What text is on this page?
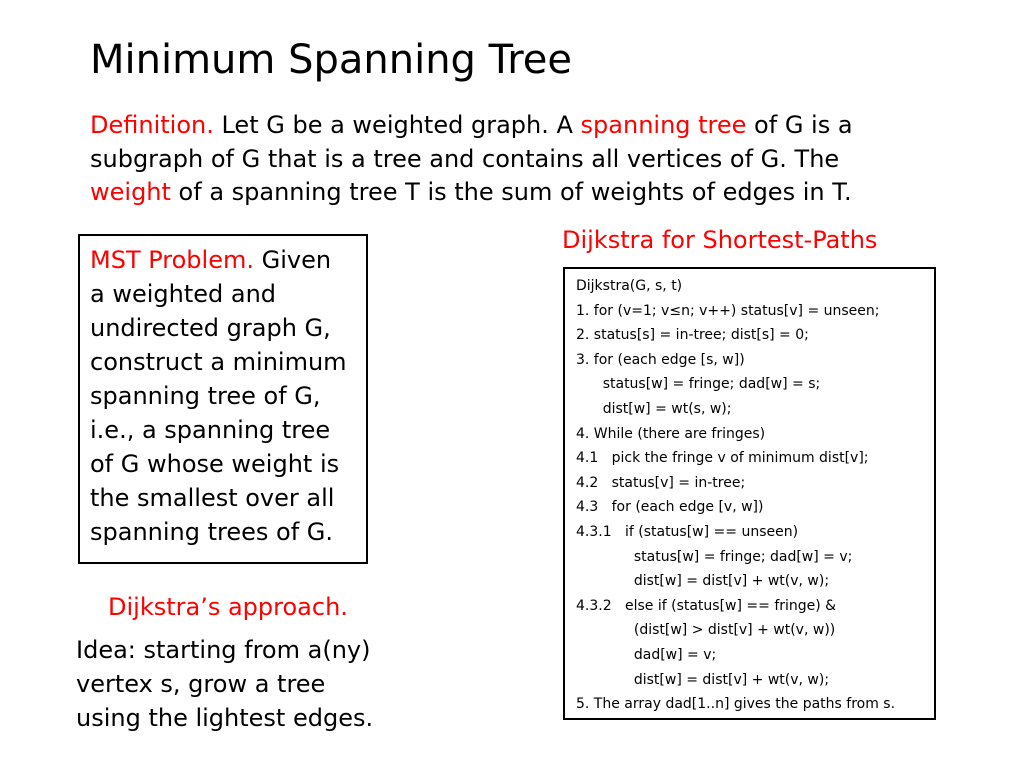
Minimum Spanning Tree
Definition. Let G be a weighted graph. A spanning tree of G is a
subgraph of G that is a tree and contains all vertices of G. The
weight of a spanning tree T is the sum of weights of edges in T.
Dijkstra for Shortest-Paths
MST Problem. Given
a weighted and
undirected graph G,
construct a minimum
spanning tree of G,
i.e., a spanning tree
of G whose weight is
the smallest over all
spanning trees of G.
Dijkstra’s approach.
Idea: starting from a(ny)
vertex s, grow a tree
using the lightest edges.
Dijkstra(G, s, t)
1. for (v=1; v≤n; v++) status[v] = unseen;
2. status[s] = in-tree; dist[s] = 0;
3. for (each edge [s, w])
status[w] = fringe; dad[w] = s;
dist[w] = wt(s, w);
4. While (there are fringes)
4.1   pick the fringe v of minimum dist[v];
4.2   status[v] = in-tree;
4.3   for (each edge [v, w])
4.3.1   if (status[w] == unseen)
status[w] = fringe; dad[w] = v;
dist[w] = dist[v] + wt(v, w);
4.3.2   else if (status[w] == fringe) &
(dist[w] > dist[v] + wt(v, w))
dad[w] = v;
dist[w] = dist[v] + wt(v, w);
5. The array dad[1..n] gives the paths from s.
